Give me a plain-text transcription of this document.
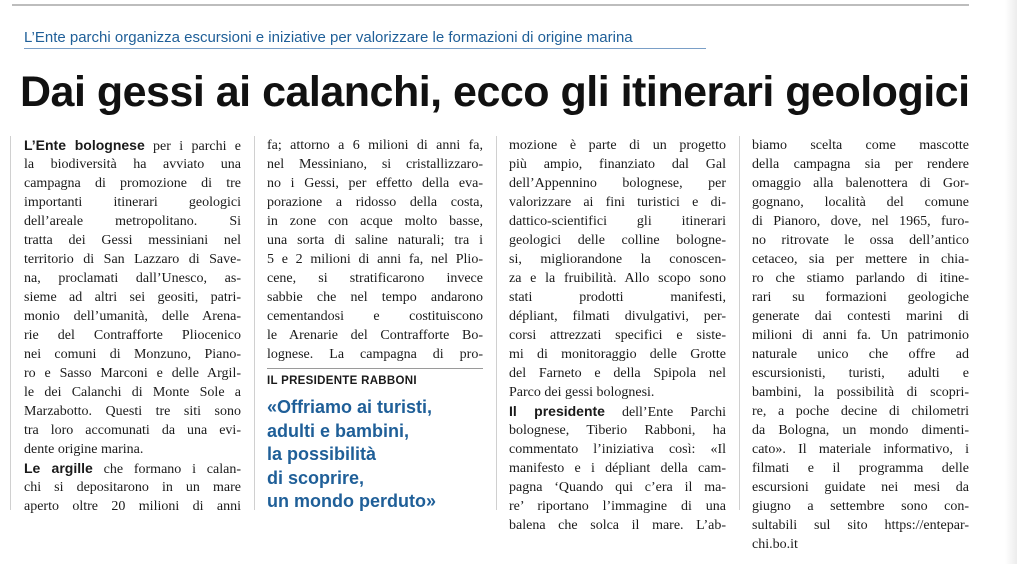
L’Ente parchi organizza escursioni e iniziative per valorizzare le formazioni di origine marina
Dai gessi ai calanchi, ecco gli itinerari geologici
L’Ente bolognese per i parchi e
la biodiversità ha avviato una
campagna di promozione di tre
importanti itinerari geologici
dell’areale metropolitano. Si
tratta dei Gessi messiniani nel
territorio di San Lazzaro di Save-
na, proclamati dall’Unesco, as-
sieme ad altri sei geositi, patri-
monio dell’umanità, delle Arena-
rie del Contrafforte Pliocenico
nei comuni di Monzuno, Piano-
ro e Sasso Marconi e delle Argil-
le dei Calanchi di Monte Sole a
Marzabotto. Questi tre siti sono
tra loro accomunati da una evi-
dente origine marina.
Le argille che formano i calan-
chi si depositarono in un mare
aperto oltre 20 milioni di anni
fa; attorno a 6 milioni di anni fa,
nel Messiniano, si cristallizzaro-
no i Gessi, per effetto della eva-
porazione a ridosso della costa,
in zone con acque molto basse,
una sorta di saline naturali; tra i
5 e 2 milioni di anni fa, nel Plio-
cene, si stratificarono invece
sabbie che nel tempo andarono
cementandosi e costituiscono
le Arenarie del Contrafforte Bo-
lognese. La campagna di pro-
mozione è parte di un progetto
più ampio, finanziato dal Gal
dell’Appennino bolognese, per
valorizzare ai fini turistici e di-
dattico-scientifici gli itinerari
geologici delle colline bologne-
si, migliorandone la conoscen-
za e la fruibilità. Allo scopo sono
stati prodotti manifesti,
dépliant, filmati divulgativi, per-
corsi attrezzati specifici e siste-
mi di monitoraggio delle Grotte
del Farneto e della Spipola nel
Parco dei gessi bolognesi.
Il presidente dell’Ente Parchi
bolognese, Tiberio Rabboni, ha
commentato l’iniziativa così: «Il
manifesto e i dépliant della cam-
pagna ‘Quando qui c’era il ma-
re’ riportano l’immagine di una
balena che solca il mare. L’ab-
biamo scelta come mascotte
della campagna sia per rendere
omaggio alla balenottera di Gor-
gognano, località del comune
di Pianoro, dove, nel 1965, furo-
no ritrovate le ossa dell’antico
cetaceo, sia per mettere in chia-
ro che stiamo parlando di itine-
rari su formazioni geologiche
generate dai contesti marini di
milioni di anni fa. Un patrimonio
naturale unico che offre ad
escursionisti, turisti, adulti e
bambini, la possibilità di scopri-
re, a poche decine di chilometri
da Bologna, un mondo dimenti-
cato». Il materiale informativo, i
filmati e il programma delle
escursioni guidate nei mesi da
giugno a settembre sono con-
sultabili sul sito https://entepar-
chi.bo.it
IL PRESIDENTE RABBONI
«Offriamo ai turisti,
adulti e bambini,
la possibilità
di scoprire,
un mondo perduto»
